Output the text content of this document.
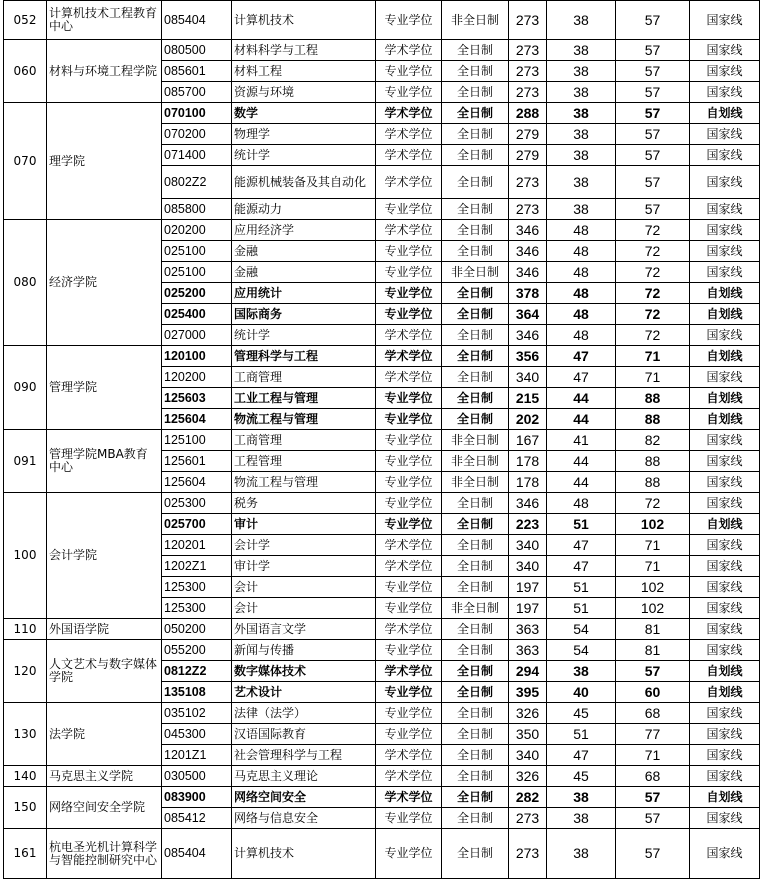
052	计算机技术工程教育中心	085404	计算机技术	专业学位	非全日制	273	38	57	国家线
060	材料与环境工程学院	080500	材料科学与工程	学术学位	全日制	273	38	57	国家线
		085601	材料工程	专业学位	全日制	273	38	57	国家线
		085700	资源与环境	专业学位	全日制	273	38	57	国家线
070	理学院	070100	数学	学术学位	全日制	288	38	57	自划线
		070200	物理学	学术学位	全日制	279	38	57	国家线
		071400	统计学	学术学位	全日制	279	38	57	国家线
		0802Z2	能源机械装备及其自动化	学术学位	全日制	273	38	57	国家线
		085800	能源动力	专业学位	全日制	273	38	57	国家线
080	经济学院	020200	应用经济学	学术学位	全日制	346	48	72	国家线
		025100	金融	专业学位	全日制	346	48	72	国家线
		025100	金融	专业学位	非全日制	346	48	72	国家线
		025200	应用统计	专业学位	全日制	378	48	72	自划线
		025400	国际商务	专业学位	全日制	364	48	72	自划线
		027000	统计学	学术学位	全日制	346	48	72	国家线
090	管理学院	120100	管理科学与工程	学术学位	全日制	356	47	71	自划线
		120200	工商管理	学术学位	全日制	340	47	71	国家线
		125603	工业工程与管理	专业学位	全日制	215	44	88	自划线
		125604	物流工程与管理	专业学位	全日制	202	44	88	自划线
091	管理学院MBA教育中心	125100	工商管理	专业学位	非全日制	167	41	82	国家线
		125601	工程管理	专业学位	非全日制	178	44	88	国家线
		125604	物流工程与管理	专业学位	非全日制	178	44	88	国家线
100	会计学院	025300	税务	专业学位	全日制	346	48	72	国家线
		025700	审计	专业学位	全日制	223	51	102	自划线
		120201	会计学	学术学位	全日制	340	47	71	国家线
		1202Z1	审计学	学术学位	全日制	340	47	71	国家线
		125300	会计	专业学位	全日制	197	51	102	国家线
		125300	会计	专业学位	非全日制	197	51	102	国家线
110	外国语学院	050200	外国语言文学	学术学位	全日制	363	54	81	国家线
120	人文艺术与数字媒体学院	055200	新闻与传播	专业学位	全日制	363	54	81	国家线
		0812Z2	数字媒体技术	学术学位	全日制	294	38	57	自划线
		135108	艺术设计	专业学位	全日制	395	40	60	自划线
130	法学院	035102	法律（法学）	专业学位	全日制	326	45	68	国家线
		045300	汉语国际教育	专业学位	全日制	350	51	77	国家线
		1201Z1	社会管理科学与工程	学术学位	全日制	340	47	71	国家线
140	马克思主义学院	030500	马克思主义理论	学术学位	全日制	326	45	68	国家线
150	网络空间安全学院	083900	网络空间安全	学术学位	全日制	282	38	57	自划线
		085412	网络与信息安全	专业学位	全日制	273	38	57	国家线
161	杭电圣光机计算科学与智能控制研究中心	085404	计算机技术	专业学位	全日制	273	38	57	国家线
